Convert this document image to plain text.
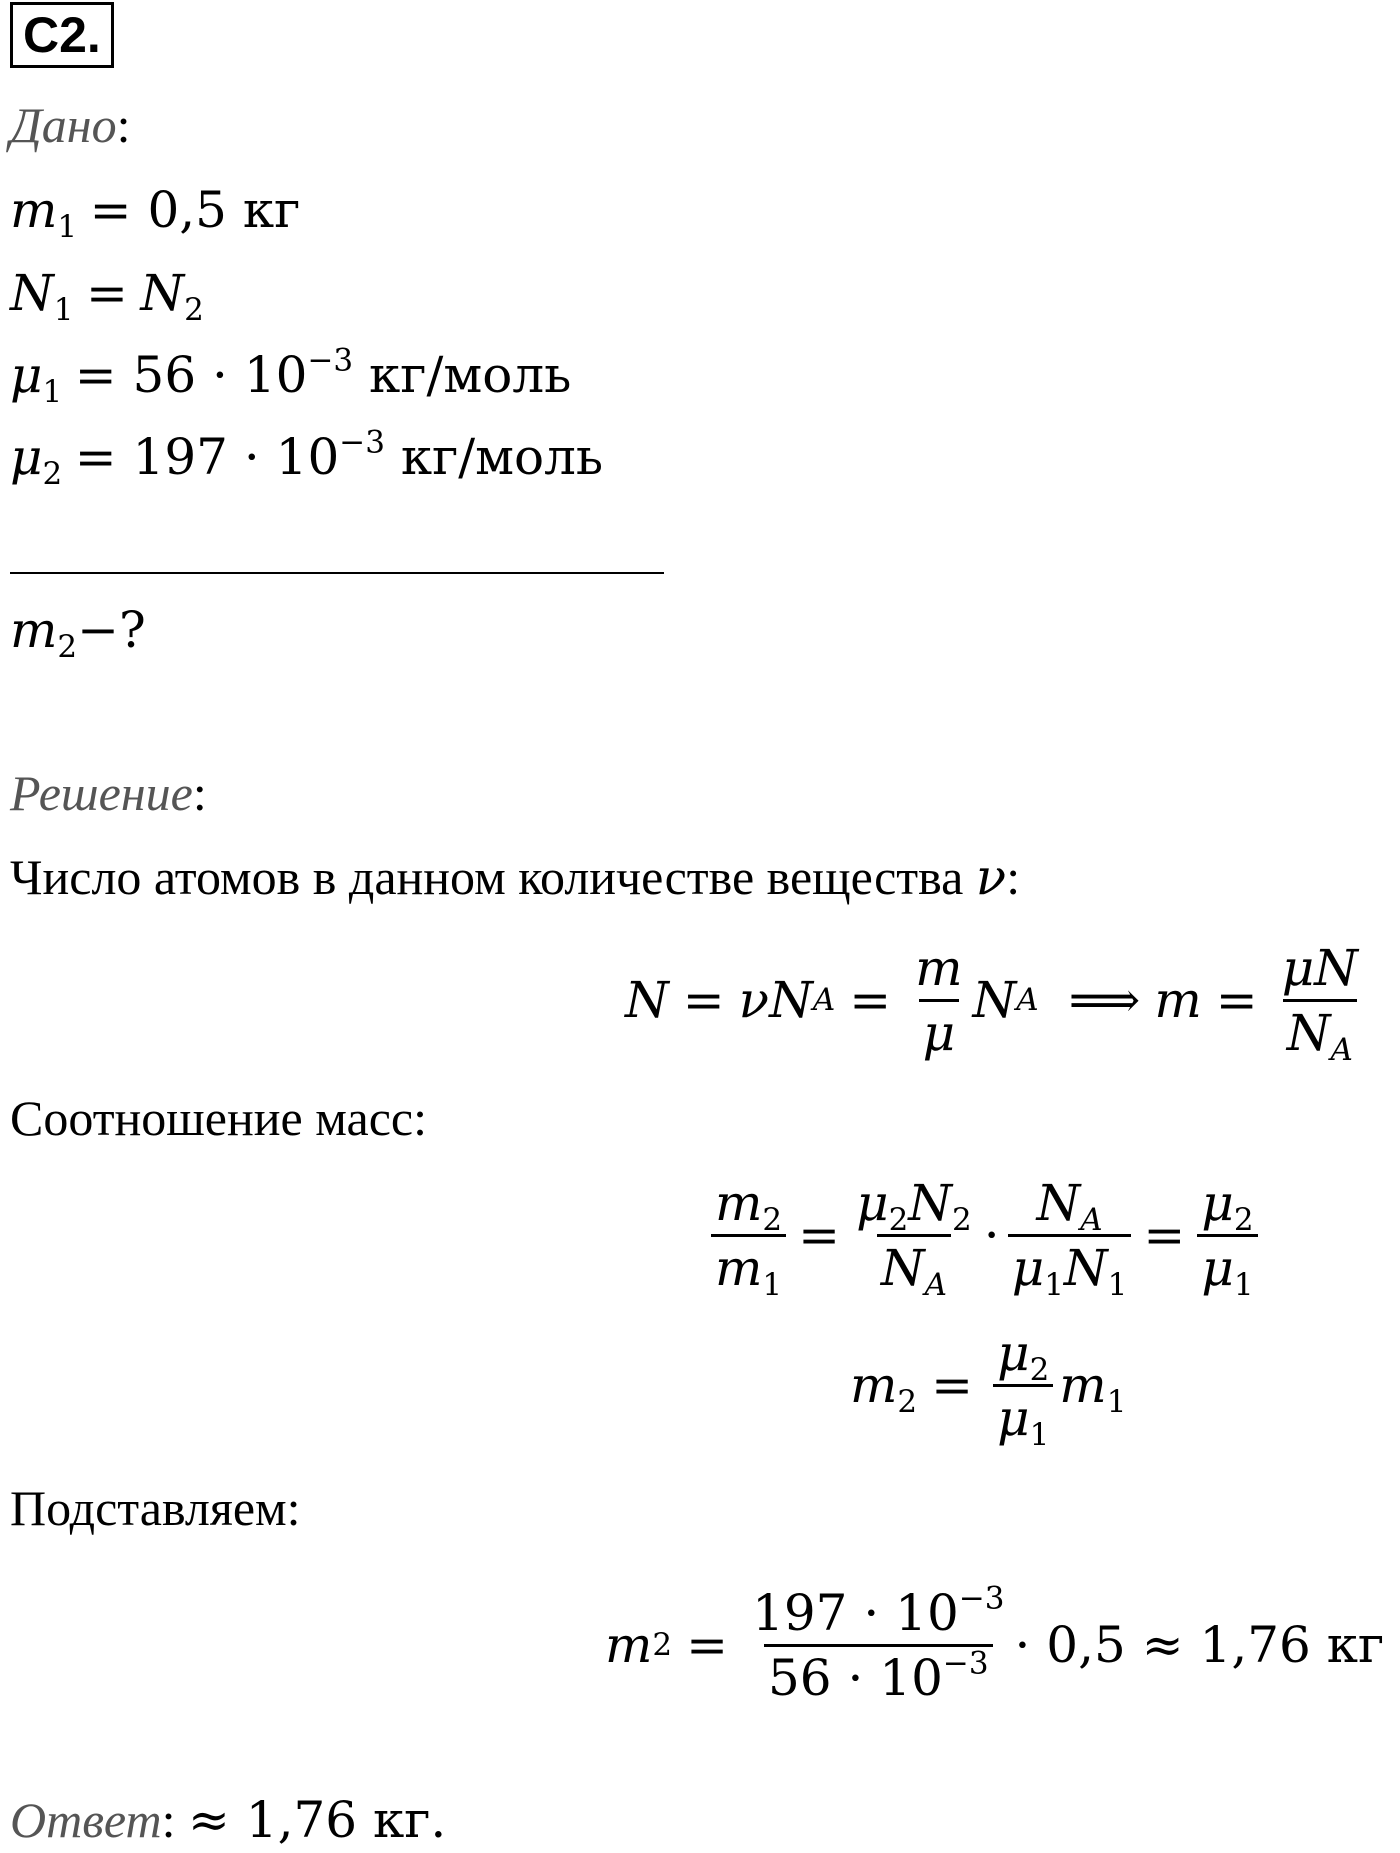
C2.
Дано:
$m_1 = 0,5$ кг
$N_1 = N_2$
$\mu_1 = 56 \cdot 10^{-3}$ кг/моль
$\mu_2 = 197 \cdot 10^{-3}$ кг/моль
$m_2-$?
Решение:
Число атомов в данном количестве вещества ν:
N = ν N $A = \frac{m}{\mu}$ N A ⟹ $m = \frac{\mu N}{N_A}$
Соотношение масс:
$\frac{m_2}{m_1} = \frac{\mu_2N_2}{N_A} \cdot \frac{N_A}{\mu_1N_1} = \frac{\mu_2}{\mu_1}$
$m_2 = \frac{\mu_2}{\mu_1} m_1$
Подставляем:
m $2 = \frac{197 \cdot 10^{-3}}{56 \cdot 10^{-3}} \cdot 0,5 \approx 1,76$ кг
Ответ: ≈ 1,76 кг.
